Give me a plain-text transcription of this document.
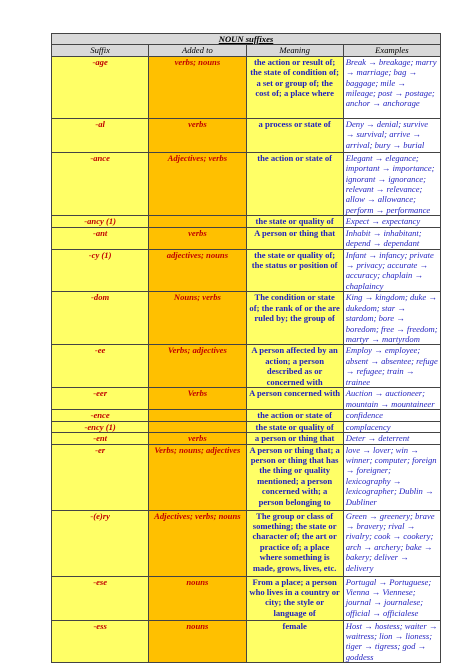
NOUN suffixes			
Suffix	Added to	Meaning	Examples
-age	verbs; nouns	the action or result of; the state of condition of; a set or group of; the cost of; a place where	Break → breakage; marry → marriage; bag → baggage; mile → mileage; post → postage; anchor → anchorage
-al	verbs	a process or state of	Deny → denial; survive → survival; arrive → arrival; bury → burial
-ance	Adjectives; verbs	the action or state of	Elegant → elegance; important → importance; ignorant → ignorance; relevant → relevance; allow → allowance; perform → performance
-ancy (1)		the state or quality of	Expect → expectancy
-ant	verbs	A person or thing that	Inhabit → inhabitant; depend → dependant
-cy (1)	adjectives; nouns	the state or quality of; the status or position of	Infant → infancy; private → privacy; accurate → accuracy; chaplain → chaplaincy
-dom	Nouns; verbs	The condition or state of; the rank of or the are ruled by; the group of	King → kingdom; duke → dukedom; star → stardom; bore → boredom; free → freedom; martyr → martyrdom
-ee	Verbs; adjectives	A person affected by an action; a person described as or concerned with	Employ → employee; absent → absentee; refuge → refugee; train → trainee
-eer	Verbs	A person concerned with	Auction → auctioneer; mountain → mountaineer
-ence		the action or state of	confidence
-ency (1)		the state or quality of	complacency
-ent	verbs	a person or thing that	Deter → deterrent
-er	Verbs; nouns; adjectives	A person or thing that; a person or thing that has the thing or quality mentioned; a person concerned with; a person belonging to	love → lover; win → winner; computer; foreign → foreigner; lexicography → lexicographer; Dublin → Dubliner
-(e)ry	Adjectives; verbs; nouns	The group or class of something; the state or character of; the art or practice of; a place where something is made, grows, lives, etc.	Green → greenery; brave → bravery; rival → rivalry; cook → cookery; arch → archery; bake → bakery; deliver → delivery
-ese	nouns	From a place; a person who lives in a country or city; the style or language of	Portugal → Portuguese; Vienna → Viennese; journal → journalese; official → officialese
-ess	nouns	female	Host → hostess; waiter → waitress; lion → lioness; tiger → tigress; god → goddess
